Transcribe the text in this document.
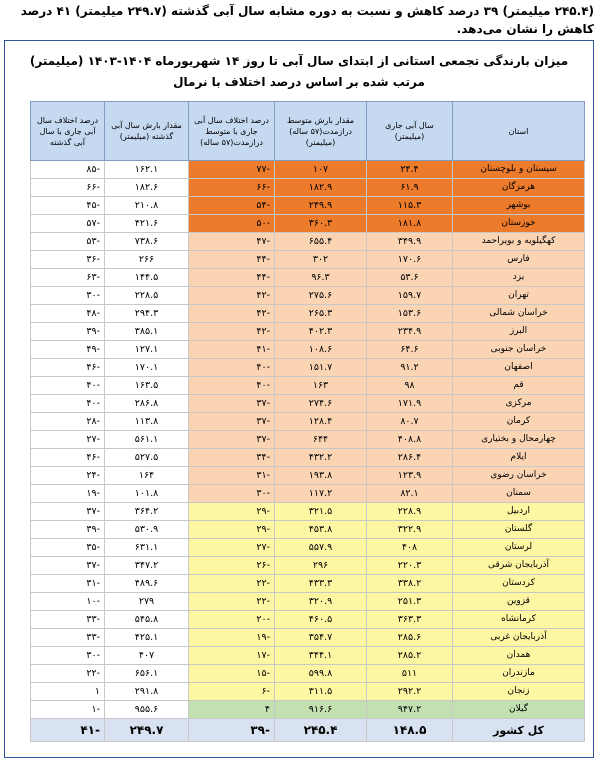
(۲۴۵.۴ میلیمتر) ۳۹ درصد کاهش و نسبت به دوره مشابه سال آبی گذشته (۲۴۹.۷ میلیمتر) ۴۱ درصد کاهش را نشان می‌دهد.
میزان بارندگی تجمعی استانی از ابتدای سال آبی تا روز ۱۴ شهریورماه ۱۴۰۴-۱۴۰۳ (میلیمتر)
مرتب شده بر اساس درصد اختلاف با نرمال
استان	سال آبی جاری (میلیمتر)	مقدار بارش متوسط درازمدت(۵۷ ساله) (میلیمتر)	درصد اختلاف سال آبی جاری با متوسط درازمدت(۵۷ ساله)	مقدار بارش سال آبی گذشته (میلیمتر)	درصد اختلاف سال آبی جاری با سال آبی گذشته
سیستان و بلوچستان	۲۴.۴	۱۰۷	-۷۷	۱۶۲.۱	-۸۵
هرمزگان	۶۱.۹	۱۸۲.۹	-۶۶	۱۸۲.۶	-۶۶
بوشهر	۱۱۵.۳	۲۴۹.۹	-۵۴	۲۱۰.۸	-۴۵
خوزستان	۱۸۱.۸	۳۶۰.۳	-۵۰	۴۲۱.۶	-۵۷
کهگیلویه و بویراحمد	۳۴۹.۹	۶۵۵.۴	-۴۷	۷۳۸.۶	-۵۳
فارس	۱۷۰.۶	۳۰۲	-۴۴	۲۶۶	-۳۶
یزد	۵۳.۶	۹۶.۳	-۴۴	۱۴۴.۵	-۶۳
تهران	۱۵۹.۷	۲۷۵.۶	-۴۲	۲۲۸.۵	-۳۰
خراسان شمالی	۱۵۳.۶	۲۶۵.۳	-۴۲	۲۹۴.۳	-۴۸
البرز	۲۳۴.۹	۴۰۲.۳	-۴۲	۳۸۵.۱	-۳۹
خراسان جنوبی	۶۴.۶	۱۰۸.۶	-۴۱	۱۲۷.۱	-۴۹
اصفهان	۹۱.۲	۱۵۱.۷	-۴۰	۱۷۰.۱	-۴۶
قم	۹۸	۱۶۳	-۴۰	۱۶۳.۵	-۴۰
مرکزی	۱۷۱.۹	۲۷۴.۶	-۳۷	۲۸۶.۸	-۴۰
کرمان	۸۰.۷	۱۲۸.۴	-۳۷	۱۱۳.۸	-۲۸
چهارمحال و بختیاری	۴۰۸.۸	۶۴۴	-۳۷	۵۶۱.۱	-۲۷
ایلام	۲۸۶.۴	۴۳۲.۲	-۳۴	۵۲۷.۵	-۴۶
خراسان رضوی	۱۲۳.۹	۱۹۳.۸	-۳۱	۱۶۴	-۲۴
سمنان	۸۲.۱	۱۱۷.۲	-۳۰	۱۰۱.۸	-۱۹
اردبیل	۲۲۸.۹	۳۲۱.۵	-۲۹	۳۶۴.۲	-۳۷
گلستان	۳۲۲.۹	۴۵۳.۸	-۲۹	۵۳۰.۹	-۳۹
لرستان	۴۰۸	۵۵۷.۹	-۲۷	۶۳۱.۱	-۳۵
آذربایجان شرقی	۲۲۰.۳	۲۹۶	-۲۶	۳۴۷.۲	-۳۷
کردستان	۳۳۸.۲	۴۳۳.۳	-۲۲	۴۸۹.۶	-۳۱
قزوین	۲۵۱.۳	۳۲۰.۹	-۲۲	۲۷۹	-۱۰
کرمانشاه	۳۶۳.۳	۴۶۰.۵	-۲۰	۵۴۵.۸	-۳۳
آذربایجان غربی	۲۸۵.۶	۳۵۴.۷	-۱۹	۴۲۵.۱	-۳۳
همدان	۲۸۵.۲	۳۴۴.۱	-۱۷	۴۰۷	-۳۰
مازندران	۵۱۱	۵۹۹.۸	-۱۵	۶۵۶.۱	-۲۲
زنجان	۲۹۲.۲	۳۱۱.۵	-۶	۲۹۱.۸	۱
گیلان	۹۴۷.۲	۹۱۶.۶	۴	۹۵۵.۶	-۱
کل کشور	۱۴۸.۵	۲۴۵.۴	-۳۹	۲۴۹.۷	-۴۱
